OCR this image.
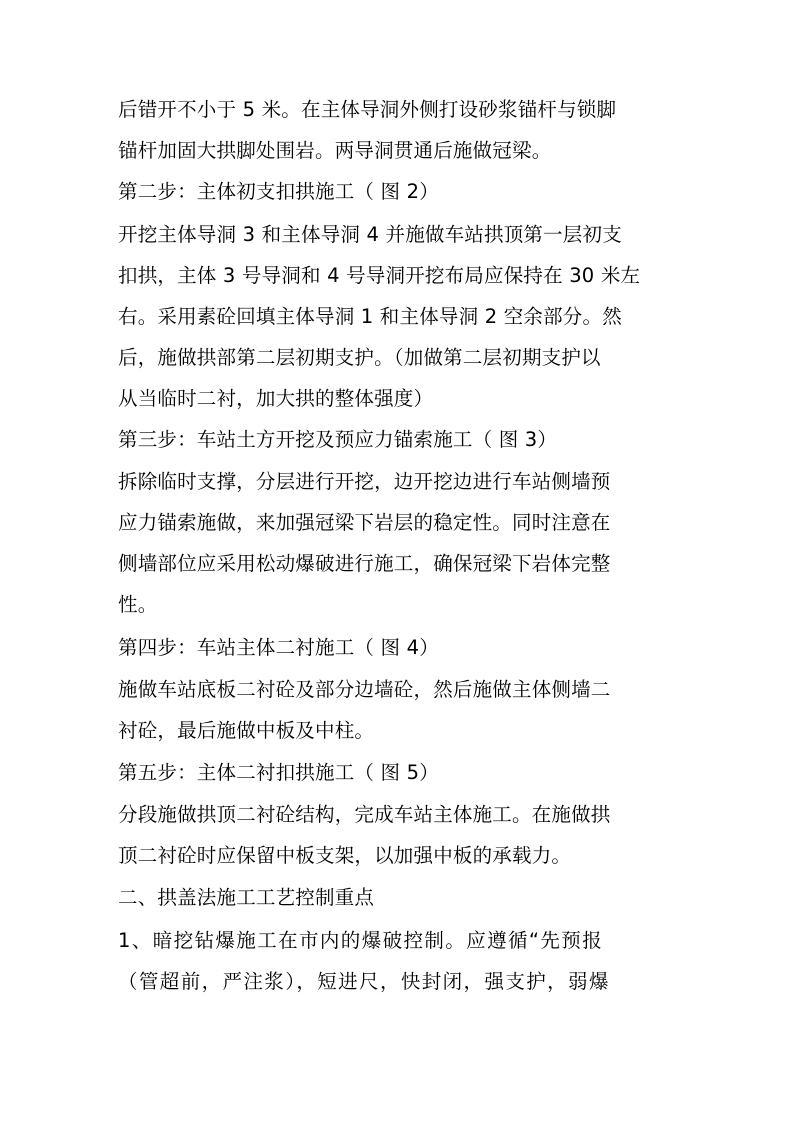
后错开不小于 5 米。在主体导洞外侧打设砂浆锚杆与锁脚
锚杆加固大拱脚处围岩。两导洞贯通后施做冠梁。
第二步：主体初支扣拱施工（ 图 2）
开挖主体导洞 3 和主体导洞 4 并施做车站拱顶第一层初支
扣拱，主体 3 号导洞和 4 号导洞开挖布局应保持在 30 米左
右。采用素砼回填主体导洞 1 和主体导洞 2 空余部分。然
后，施做拱部第二层初期支护。（加做第二层初期支护以
从当临时二衬，加大拱的整体强度）
第三步：车站土方开挖及预应力锚索施工（ 图 3）
拆除临时支撑，分层进行开挖，边开挖边进行车站侧墙预
应力锚索施做，来加强冠梁下岩层的稳定性。同时注意在
侧墙部位应采用松动爆破进行施工，确保冠梁下岩体完整
性。
第四步：车站主体二衬施工（ 图 4）
施做车站底板二衬砼及部分边墙砼，然后施做主体侧墙二
衬砼，最后施做中板及中柱。
第五步：主体二衬扣拱施工（ 图 5）
分段施做拱顶二衬砼结构，完成车站主体施工。在施做拱
顶二衬砼时应保留中板支架，以加强中板的承载力。
二、拱盖法施工工艺控制重点
1、暗挖钻爆施工在市内的爆破控制。应遵循“先预报
（管超前，严注浆），短进尺，快封闭，强支护，弱爆
